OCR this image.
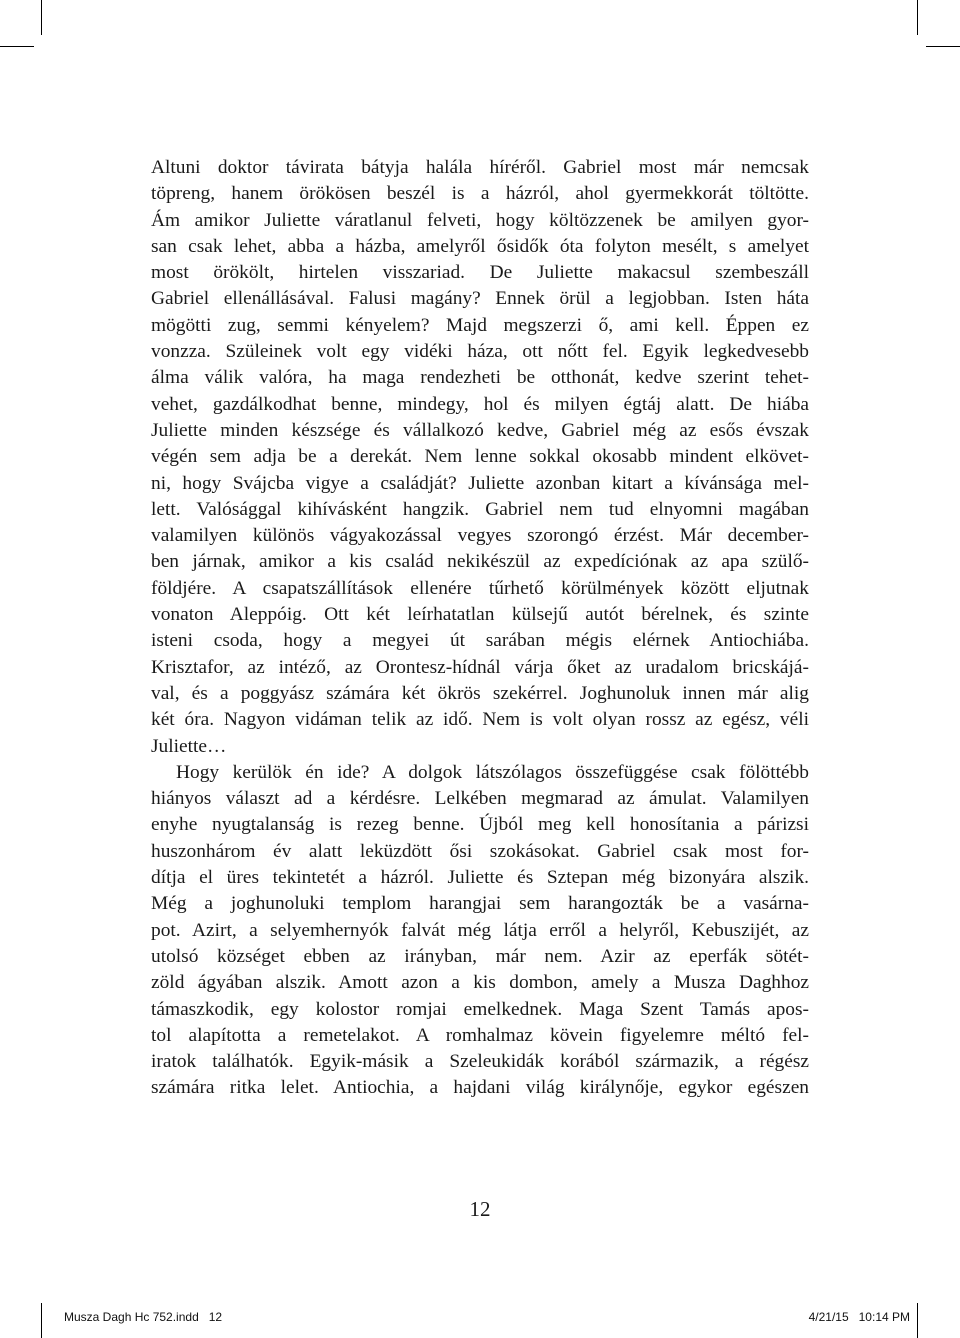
Altuni doktor távirata bátyja halála híréről. Gabriel most már nemcsak
töpreng, hanem örökösen beszél is a házról, ahol gyermekkorát töltötte.
Ám amikor Juliette váratlanul felveti, hogy költözzenek be amilyen gyor-
san csak lehet, abba a házba, amelyről ősidők óta folyton mesélt, s amelyet
most örökölt, hirtelen visszariad. De Juliette makacsul szembeszáll
Gabriel ellenállásával. Falusi magány? Ennek örül a legjobban. Isten háta
mögötti zug, semmi kényelem? Majd megszerzi ő, ami kell. Éppen ez
vonzza. Szüleinek volt egy vidéki háza, ott nőtt fel. Egyik legkedvesebb
álma válik valóra, ha maga rendezheti be otthonát, kedve szerint tehet-
vehet, gazdálkodhat benne, mindegy, hol és milyen égtáj alatt. De hiába
Juliette minden készsége és vállalkozó kedve, Gabriel még az esős évszak
végén sem adja be a derekát. Nem lenne sokkal okosabb mindent elkövet-
ni, hogy Svájcba vigye a családját? Juliette azonban kitart a kívánsága mel-
lett. Valósággal kihívásként hangzik. Gabriel nem tud elnyomni magában
valamilyen különös vágyakozással vegyes szorongó érzést. Már december-
ben járnak, amikor a kis család nekikészül az expedíciónak az apa szülő-
földjére. A csapatszállítások ellenére tűrhető körülmények között eljutnak
vonaton Aleppóig. Ott két leírhatatlan külsejű autót bérelnek, és szinte
isteni csoda, hogy a megyei út sarában mégis elérnek Antiochiába.
Krisztafor, az intéző, az Orontesz-hídnál várja őket az uradalom bricskájá-
val, és a poggyász számára két ökrös szekérrel. Joghunoluk innen már alig
két óra. Nagyon vidáman telik az idő. Nem is volt olyan rossz az egész, véli
Juliette…
Hogy kerülök én ide? A dolgok látszólagos összefüggése csak fölöttébb
hiányos választ ad a kérdésre. Lelkében megmarad az ámulat. Valamilyen
enyhe nyugtalanság is rezeg benne. Újból meg kell honosítania a párizsi
huszonhárom év alatt leküzdött ősi szokásokat. Gabriel csak most for-
dítja el üres tekintetét a házról. Juliette és Sztepan még bizonyára alszik.
Még a joghunoluki templom harangjai sem harangozták be a vasárna-
pot. Azirt, a selyemhernyók falvát még látja erről a helyről, Kebuszijét, az
utolsó községet ebben az irányban, már nem. Azir az eperfák sötét-
zöld ágyában alszik. Amott azon a kis dombon, amely a Musza Daghhoz
támaszkodik, egy kolostor romjai emelkednek. Maga Szent Tamás apos-
tol alapította a remetelakot. A romhalmaz kövein figyelemre méltó fel-
iratok találhatók. Egyik-másik a Szeleukidák korából származik, a régész
számára ritka lelet. Antiochia, a hajdani világ királynője, egykor egészen
12
Musza Dagh Hc 752.indd   12	4/21/15   10:14 PM
